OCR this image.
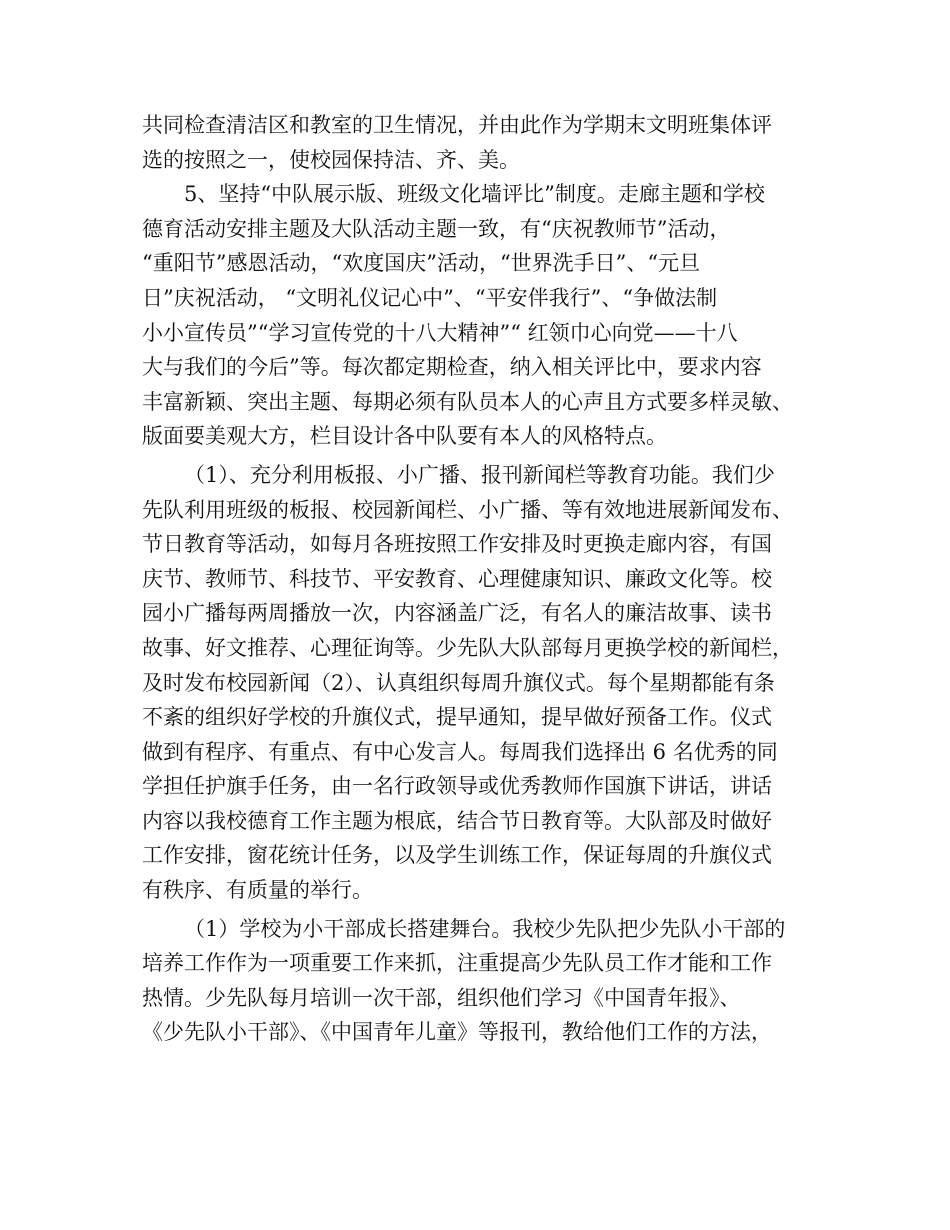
共同检查清洁区和教室的卫生情况，并由此作为学期末文明班集体评
选的按照之一，使校园保持洁、齐、美。
5、坚持“中队展示版、班级文化墙评比”制度。走廊主题和学校
德育活动安排主题及大队活动主题一致，有“庆祝教师节”活动，
“重阳节”感恩活动，“欢度国庆”活动，“世界洗手日”、“元旦
日”庆祝活动， “文明礼仪记心中”、“平安伴我行”、“争做法制
小小宣传员”“学习宣传党的十八大精神”“ 红领巾心向党——十八
大与我们的今后”等。每次都定期检查，纳入相关评比中，要求内容
丰富新颖、突出主题、每期必须有队员本人的心声且方式要多样灵敏、
版面要美观大方，栏目设计各中队要有本人的风格特点。
（1）、充分利用板报、小广播、报刊新闻栏等教育功能。我们少
先队利用班级的板报、校园新闻栏、小广播、等有效地进展新闻发布、
节日教育等活动，如每月各班按照工作安排及时更换走廊内容，有国
庆节、教师节、科技节、平安教育、心理健康知识、廉政文化等。校
园小广播每两周播放一次，内容涵盖广泛，有名人的廉洁故事、读书
故事、好文推荐、心理征询等。少先队大队部每月更换学校的新闻栏，
及时发布校园新闻（2）、认真组织每周升旗仪式。每个星期都能有条
不紊的组织好学校的升旗仪式，提早通知，提早做好预备工作。仪式
做到有程序、有重点、有中心发言人。每周我们选择出 6 名优秀的同
学担任护旗手任务，由一名行政领导或优秀教师作国旗下讲话，讲话
内容以我校德育工作主题为根底，结合节日教育等。大队部及时做好
工作安排，窗花统计任务，以及学生训练工作，保证每周的升旗仪式
有秩序、有质量的举行。
（1）学校为小干部成长搭建舞台。我校少先队把少先队小干部的
培养工作作为一项重要工作来抓，注重提高少先队员工作才能和工作
热情。少先队每月培训一次干部，组织他们学习《中国青年报》、
《少先队小干部》、《中国青年儿童》等报刊，教给他们工作的方法，
